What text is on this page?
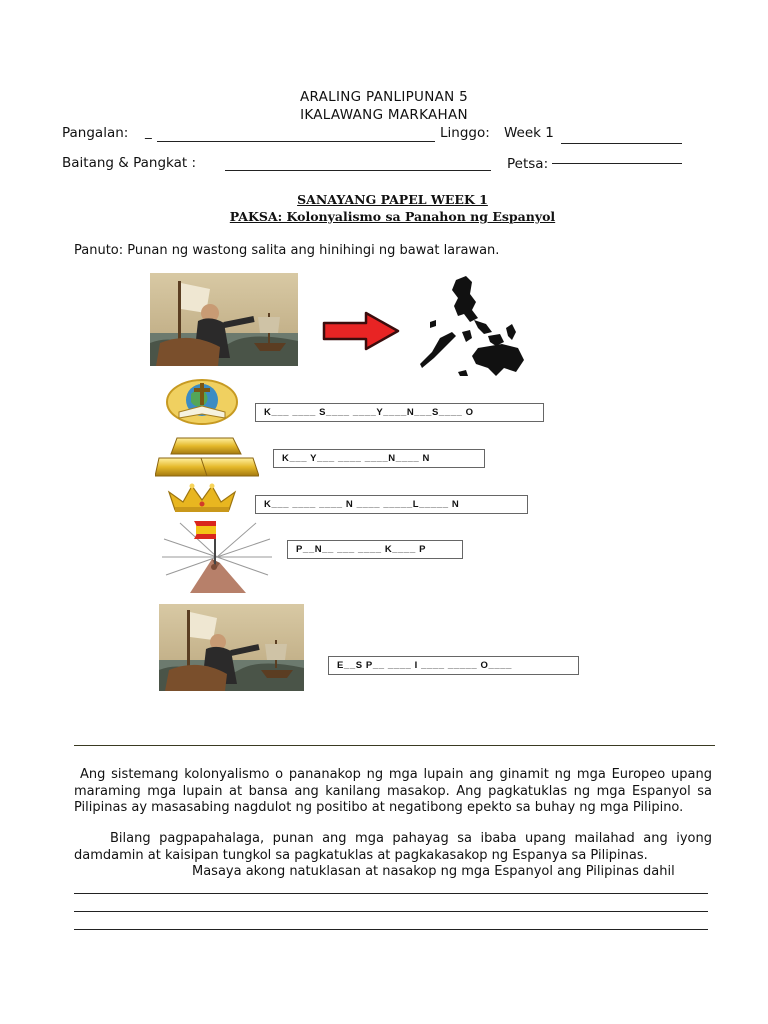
ARALING PANLIPUNAN 5
IKALAWANG MARKAHAN
Pangalan: _	Linggo: Week 1
Baitang & Pangkat :	Petsa:
SANAYANG PAPEL WEEK 1
PAKSA: Kolonyalismo sa Panahon ng Espanyol
Panuto: Punan ng wastong salita ang hinihingi ng bawat larawan.
K___ ____ S____ ____Y____N___S____ O
K___ Y___ ____ ____N____ N
K___ ____ ____ N ____ _____L_____ N
P__N__ ___ ____ K____ P
E__S P__ ____ I ____ _____ O____
Ang sistemang kolonyalismo o pananakop ng mga lupain ang ginamit ng mga Europeo upang maraming mga lupain at bansa ang kanilang masakop. Ang pagkatuklas ng mga Espanyol sa Pilipinas ay masasabing nagdulot ng positibo at negatibong epekto sa buhay ng mga Pilipino.
Bilang pagpapahalaga, punan ang mga pahayag sa ibaba upang mailahad ang iyong damdamin at kaisipan tungkol sa pagkatuklas at pagkakasakop ng Espanya sa Pilipinas.
Masaya akong natuklasan at nasakop ng mga Espanyol ang Pilipinas dahil
